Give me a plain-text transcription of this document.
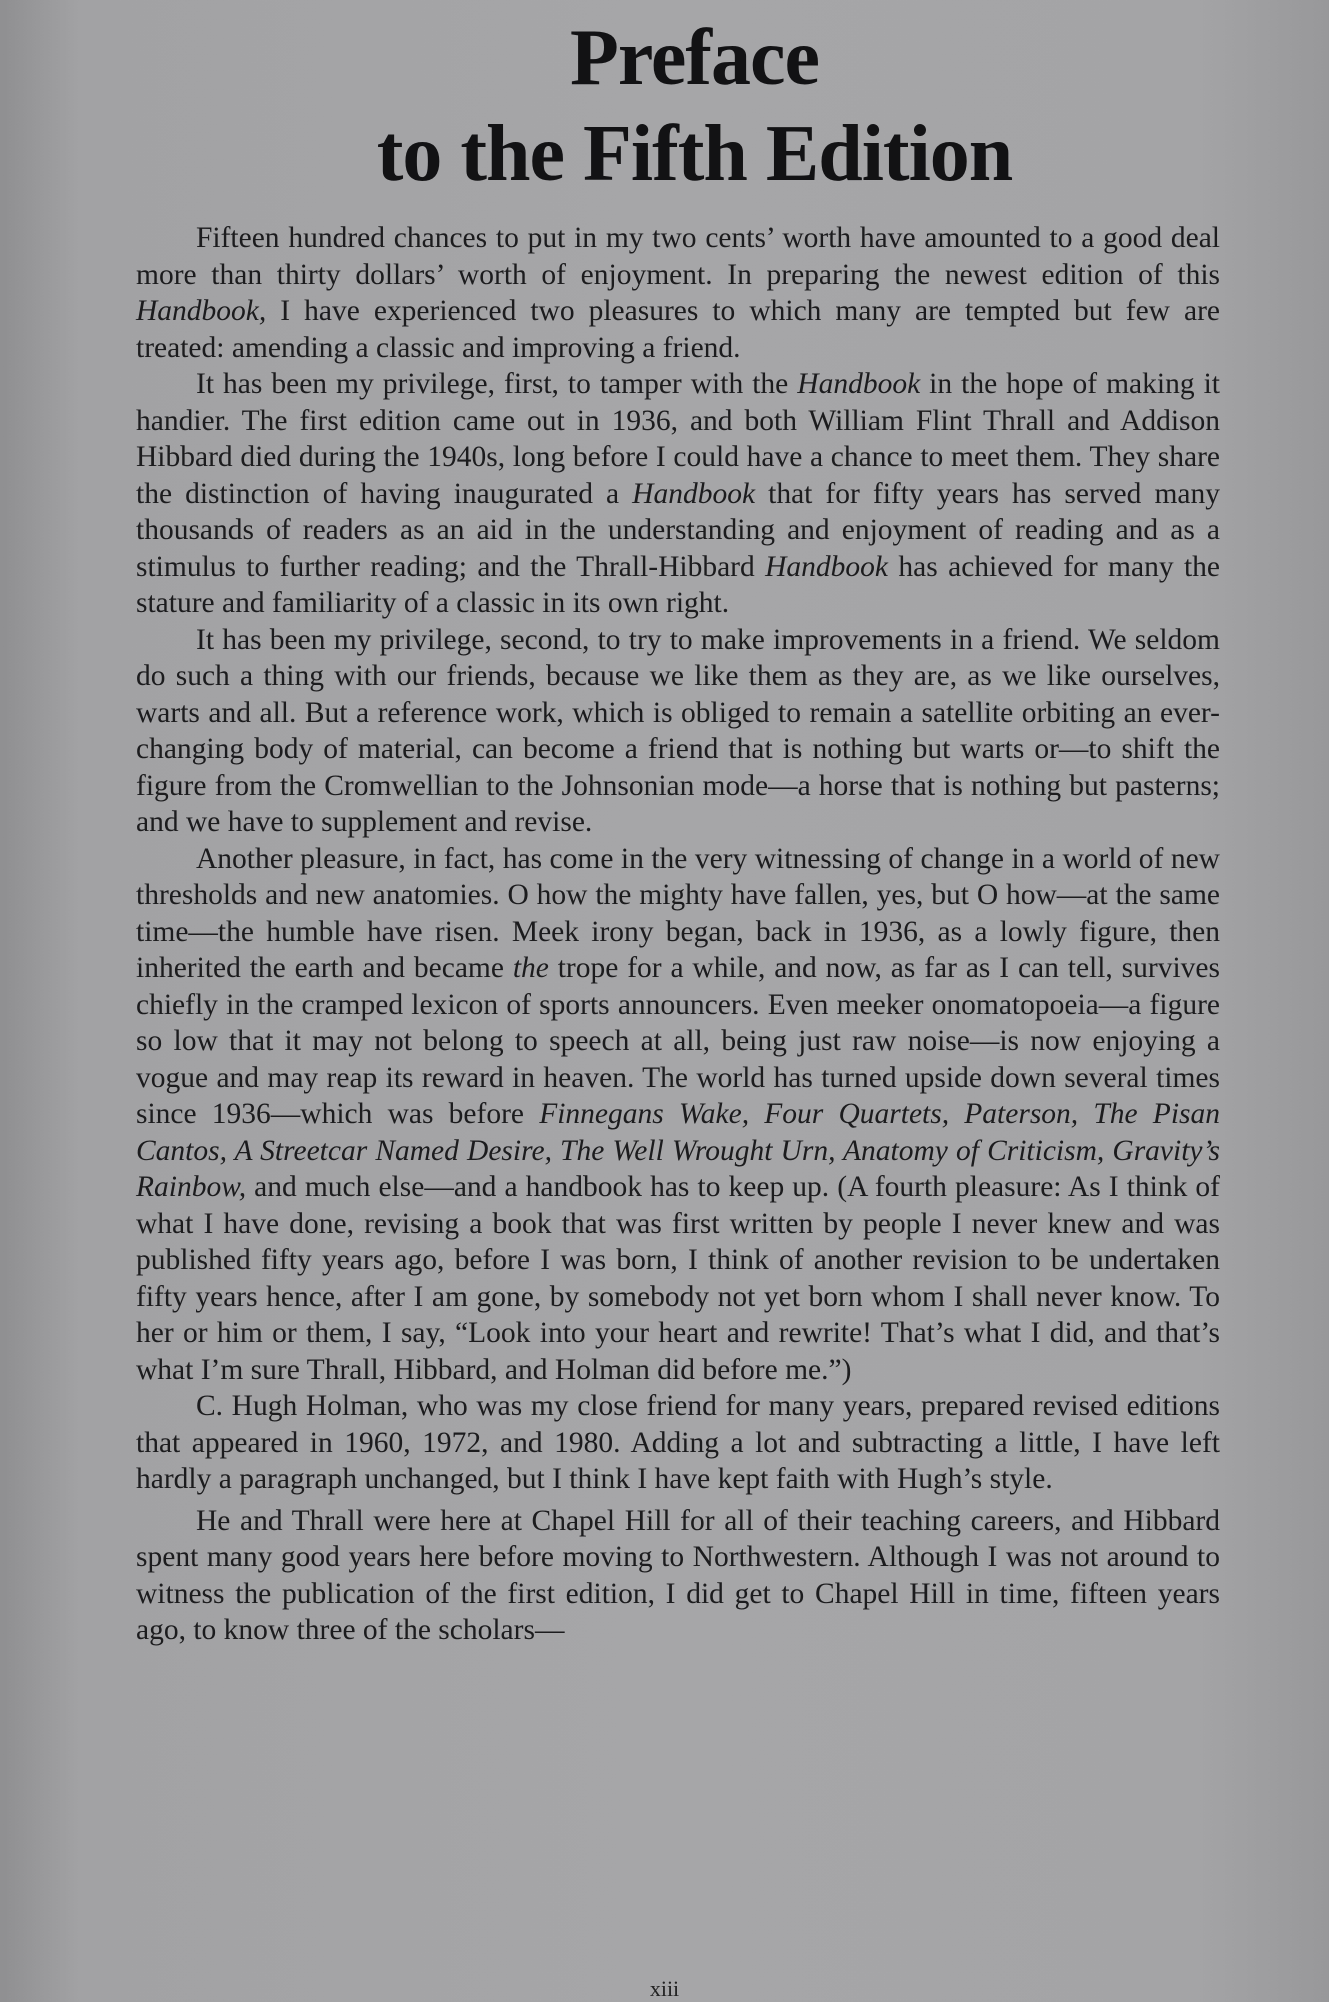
Preface
to the Fifth Edition

Fifteen hundred chances to put in my two cents’ worth have amounted to a good deal more than thirty dollars’ worth of enjoyment. In preparing the newest edition of this Handbook, I have experienced two pleasures to which many are tempted but few are treated: amending a classic and improving a friend.

It has been my privilege, first, to tamper with the Handbook in the hope of making it handier. The first edition came out in 1936, and both William Flint Thrall and Addison Hibbard died during the 1940s, long before I could have a chance to meet them. They share the distinction of having inaugurated a Handbook that for fifty years has served many thousands of readers as an aid in the understanding and enjoyment of reading and as a stimulus to further reading; and the Thrall-Hibbard Handbook has achieved for many the stature and familiarity of a classic in its own right.

It has been my privilege, second, to try to make improvements in a friend. We seldom do such a thing with our friends, because we like them as they are, as we like ourselves, warts and all. But a reference work, which is obliged to remain a satellite orbiting an ever-changing body of material, can become a friend that is nothing but warts or—to shift the figure from the Cromwellian to the Johnsonian mode—a horse that is nothing but pasterns; and we have to supplement and revise.

Another pleasure, in fact, has come in the very witnessing of change in a world of new thresholds and new anatomies. O how the mighty have fallen, yes, but O how—at the same time—the humble have risen. Meek irony began, back in 1936, as a lowly figure, then inherited the earth and became the trope for a while, and now, as far as I can tell, survives chiefly in the cramped lexicon of sports announcers. Even meeker onomatopoeia—a figure so low that it may not belong to speech at all, being just raw noise—is now enjoying a vogue and may reap its reward in heaven. The world has turned upside down several times since 1936—which was before Finnegans Wake, Four Quartets, Paterson, The Pisan Cantos, A Streetcar Named Desire, The Well Wrought Urn, Anatomy of Criticism, Gravity’s Rainbow, and much else—and a handbook has to keep up. (A fourth pleasure: As I think of what I have done, revising a book that was first written by people I never knew and was published fifty years ago, before I was born, I think of another revision to be undertaken fifty years hence, after I am gone, by somebody not yet born whom I shall never know. To her or him or them, I say, “Look into your heart and rewrite! That’s what I did, and that’s what I’m sure Thrall, Hibbard, and Holman did before me.”)

C. Hugh Holman, who was my close friend for many years, prepared revised editions that appeared in 1960, 1972, and 1980. Adding a lot and subtracting a little, I have left hardly a paragraph unchanged, but I think I have kept faith with Hugh’s style.

He and Thrall were here at Chapel Hill for all of their teaching careers, and Hibbard spent many good years here before moving to Northwestern. Although I was not around to witness the publication of the first edition, I did get to Chapel Hill in time, fifteen years ago, to know three of the scholars—

xiii
